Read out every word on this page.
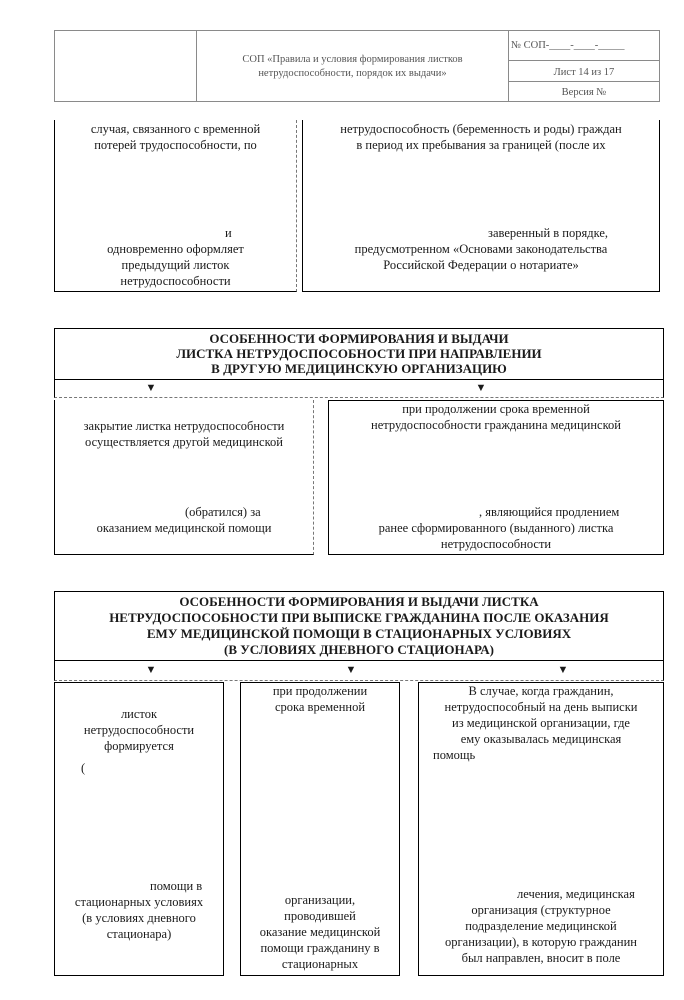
СОП «Правила и условия формирования листков
нетрудоспособности, порядок их выдачи»
№ СОП-____-____-_____
Лист 14 из 17
Версия №
случая, связанного с временной
потерей трудоспособности, по
и
одновременно оформляет
предыдущий листок
нетрудоспособности
нетрудоспособность (беременность и роды) граждан
в период их пребывания за границей (после их
заверенный в порядке,
предусмотренном «Основами законодательства
Российской Федерации о нотариате»
ОСОБЕННОСТИ ФОРМИРОВАНИЯ И ВЫДАЧИ
ЛИСТКА НЕТРУДОСПОСОБНОСТИ ПРИ НАПРАВЛЕНИИ
В ДРУГУЮ МЕДИЦИНСКУЮ ОРГАНИЗАЦИЮ
▼	▼
закрытие листка нетрудоспособности
осуществляется другой медицинской
(обратился) за
оказанием медицинской помощи
при продолжении срока временной
нетрудоспособности гражданина медицинской
, являющийся продлением
ранее сформированного (выданного) листка
нетрудоспособности
ОСОБЕННОСТИ ФОРМИРОВАНИЯ И ВЫДАЧИ ЛИСТКА
НЕТРУДОСПОСОБНОСТИ ПРИ ВЫПИСКЕ ГРАЖДАНИНА ПОСЛЕ ОКАЗАНИЯ
ЕМУ МЕДИЦИНСКОЙ ПОМОЩИ В СТАЦИОНАРНЫХ УСЛОВИЯХ
(В УСЛОВИЯХ ДНЕВНОГО СТАЦИОНАРА)
▼	▼	▼
листок
нетрудоспособности
формируется
(
помощи в
стационарных условиях
(в условиях дневного
стационара)
при продолжении
срока временной
организации,
проводившей
оказание медицинской
помощи гражданину в
стационарных
В случае, когда гражданин,
нетрудоспособный на день выписки
из медицинской организации, где
ему оказывалась медицинская
помощь
лечения, медицинская
организация (структурное
подразделение медицинской
организации), в которую гражданин
был направлен, вносит в поле
